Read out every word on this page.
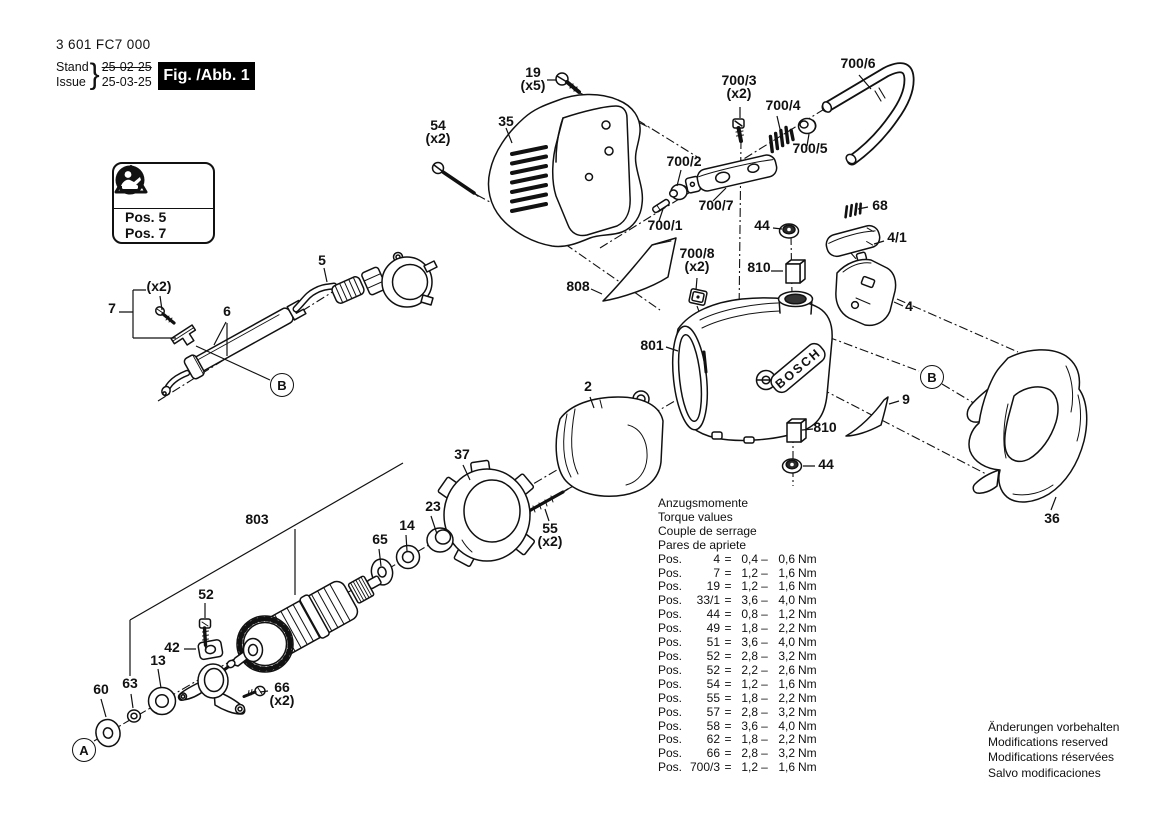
BOSCH
3 601 FC7 000
Stand
Issue } 25-02-25
25-03-25 Fig. /Abb. 1
Pos. 5
Pos. 7
19
(x5)
35
54
(x2)
700/3
(x2)
700/4
700/6
700/5
700/2
700/7
700/1
68
44
4/1
700/8
(x2)	810
808
801
4
5
7
(x2)
6
2
9
810
44
36
37
23
14
65
55
(x2)
803
52
42
13
63
60	66
(x2)
A
B
B
Anzugsmomente
Torque values
Couple de serrage
Pares de apriete
Pos.	4 = 0,4 – 0,6 Nm
Pos.	7 = 1,2 – 1,6 Nm
Pos.	19 = 1,2 – 1,6 Nm
Pos.	33/1 = 3,6 – 4,0 Nm
Pos.	44 = 0,8 – 1,2 Nm
Pos.	49 = 1,8 – 2,2 Nm
Pos.	51 = 3,6 – 4,0 Nm
Pos.	52 = 2,8 – 3,2 Nm
Pos.	52 = 2,2 – 2,6 Nm
Pos.	54 = 1,2 – 1,6 Nm
Pos.	55 = 1,8 – 2,2 Nm
Pos.	57 = 2,8 – 3,2 Nm
Pos.	58 = 3,6 – 4,0 Nm
Pos.	62 = 1,8 – 2,2 Nm
Pos.	66 = 2,8 – 3,2 Nm
Pos. 700/3 = 1,2 – 1,6 Nm
Änderungen vorbehalten
Modifications reserved
Modifications réservées
Salvo modificaciones
